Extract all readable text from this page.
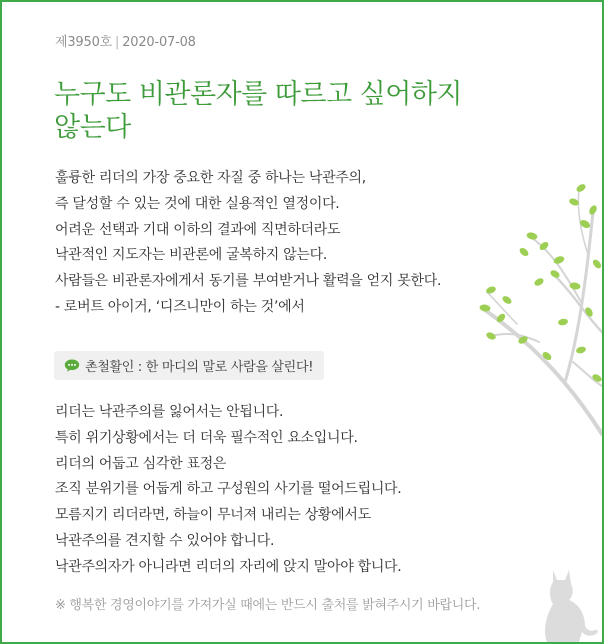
제3950호 | 2020-07-08
누구도 비관론자를 따르고 싶어하지 않는다
훌륭한 리더의 가장 중요한 자질 중 하나는 낙관주의,
즉 달성할 수 있는 것에 대한 실용적인 열정이다.
어려운 선택과 기대 이하의 결과에 직면하더라도
낙관적인 지도자는 비관론에 굴복하지 않는다.
사람들은 비관론자에게서 동기를 부여받거나 활력을 얻지 못한다.
- 로버트 아이거, ‘디즈니만이 하는 것’에서
촌철활인 : 한 마디의 말로 사람을 살린다!
리더는 낙관주의를 잃어서는 안됩니다.
특히 위기상황에서는 더 더욱 필수적인 요소입니다.
리더의 어둡고 심각한 표정은
조직 분위기를 어둡게 하고 구성원의 사기를 떨어드립니다.
모름지기 리더라면, 하늘이 무너져 내리는 상황에서도
낙관주의를 견지할 수 있어야 합니다.
낙관주의자가 아니라면 리더의 자리에 앉지 말아야 합니다.
※ 행복한 경영이야기를 가져가실 때에는 반드시 출처를 밝혀주시기 바랍니다.
